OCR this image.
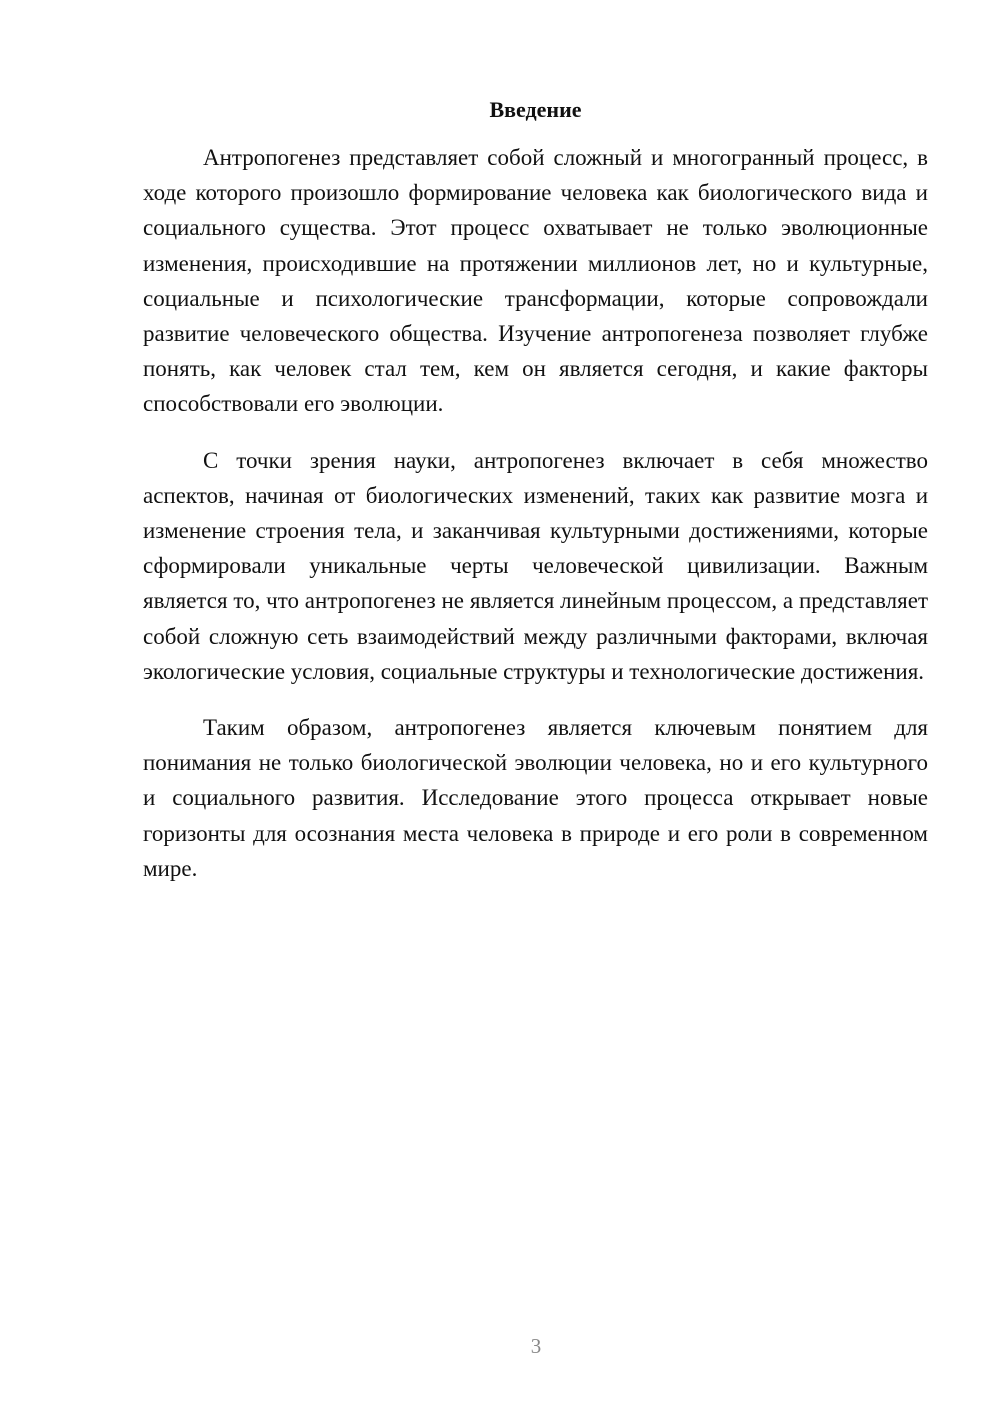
Введение

Антропогенез представляет собой сложный и многогранный процесс, в ходе которого произошло формирование человека как биологического вида и социального существа. Этот процесс охватывает не только эволюционные изменения, происходившие на протяжении миллионов лет, но и культурные, социальные и психологические трансформации, которые сопровождали развитие человеческого общества. Изучение антропогенеза позволяет глубже понять, как человек стал тем, кем он является сегодня, и какие факторы способствовали его эволюции.

С точки зрения науки, антропогенез включает в себя множество аспектов, начиная от биологических изменений, таких как развитие мозга и изменение строения тела, и заканчивая культурными достижениями, которые сформировали уникальные черты человеческой цивилизации. Важным является то, что антропогенез не является линейным процессом, а представляет собой сложную сеть взаимодействий между различными факторами, включая экологические условия, социальные структуры и технологические достижения.

Таким образом, антропогенез является ключевым понятием для понимания не только биологической эволюции человека, но и его культурного и социального развития. Исследование этого процесса открывает новые горизонты для осознания места человека в природе и его роли в современном мире.

3
